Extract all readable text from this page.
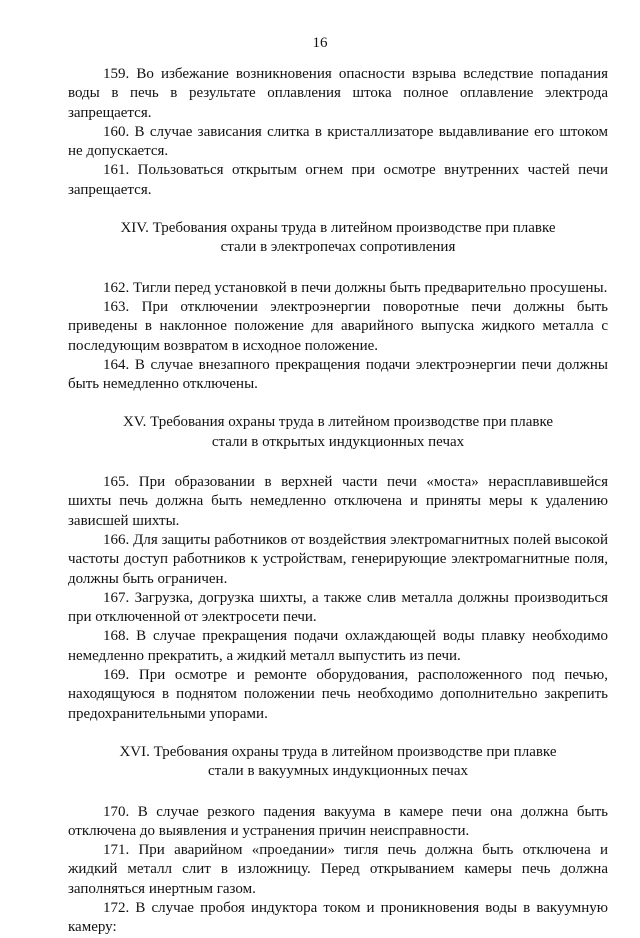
16

159. Во избежание возникновения опасности взрыва вследствие попадания воды в печь в результате оплавления штока полное оплавление электрода запрещается.

160. В случае зависания слитка в кристаллизаторе выдавливание его штоком не допускается.

161. Пользоваться открытым огнем при осмотре внутренних частей печи запрещается.

XIV. Требования охраны труда в литейном производстве при плавке стали в электропечах сопротивления

162. Тигли перед установкой в печи должны быть предварительно просушены.

163. При отключении электроэнергии поворотные печи должны быть приведены в наклонное положение для аварийного выпуска жидкого металла с последующим возвратом в исходное положение.

164. В случае внезапного прекращения подачи электроэнергии печи должны быть немедленно отключены.

XV. Требования охраны труда в литейном производстве при плавке стали в открытых индукционных печах

165. При образовании в верхней части печи «моста» нерасплавившейся шихты печь должна быть немедленно отключена и приняты меры к удалению зависшей шихты.

166. Для защиты работников от воздействия электромагнитных полей высокой частоты доступ работников к устройствам, генерирующие электромагнитные поля, должны быть ограничен.

167. Загрузка, догрузка шихты, а также слив металла должны производиться при отключенной от электросети печи.

168. В случае прекращения подачи охлаждающей воды плавку необходимо немедленно прекратить, а жидкий металл выпустить из печи.

169. При осмотре и ремонте оборудования, расположенного под печью, находящуюся в поднятом положении печь необходимо дополнительно закрепить предохранительными упорами.

XVI. Требования охраны труда в литейном производстве при плавке стали в вакуумных индукционных печах

170. В случае резкого падения вакуума в камере печи она должна быть отключена до выявления и устранения причин неисправности.

171. При аварийном «проедании» тигля печь должна быть отключена и жидкий металл слит в изложницу. Перед открыванием камеры печь должна заполняться инертным газом.

172. В случае пробоя индуктора током и проникновения воды в вакуумную камеру:
